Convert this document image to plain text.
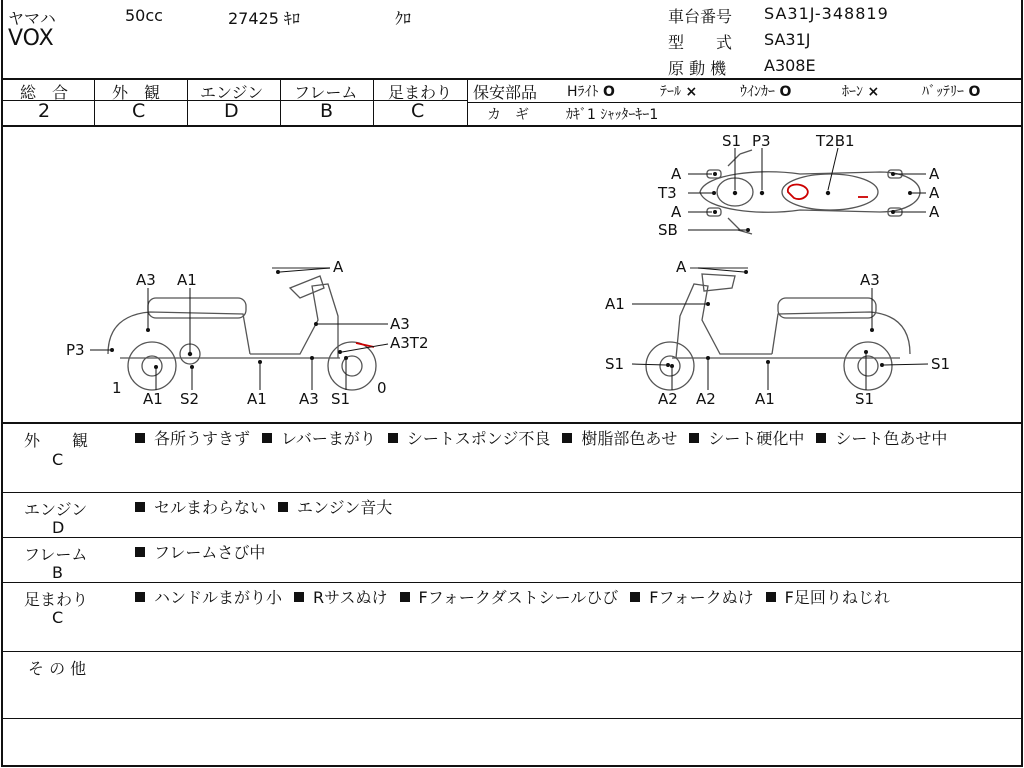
ヤマハ	50cc	27425 ｷﾛ	ｸﾛ
VOX
車台番号 SA31J-348819
型　　式 SA31J
原 動 機 A308E
総　合	外　観 エンジン フレーム 足まわり
2	C	D	B	C
保安部品 Hﾗｲﾄ O	ﾃｰﾙ ×	ｳｲﾝｶｰ O	ﾎｰﾝ ×	ﾊﾞｯﾃﾘｰ O
カ　ギ	ｶｷﾞ1 ｼｬｯﾀｰｷｰ1
S1 P3	T2B1
A	A
T3	A
A	A
SB
A
A3 A1
A3
P3	A3T2
1	0
A1 S2	A1 A3 S1
A
A3
A1
S1	S1
A2 A2	A1	S1
外　　観
C
各所うすきず レバーまがり シートスポンジ不良 樹脂部色あせ シート硬化中 シート色あせ中
エンジン
D
セルまわらない エンジン音大
フレーム
B
フレームさび中
足まわり
C
ハンドルまがり小 Rサスぬけ Fフォークダストシールひび Fフォークぬけ F足回りねじれ
そ の 他
